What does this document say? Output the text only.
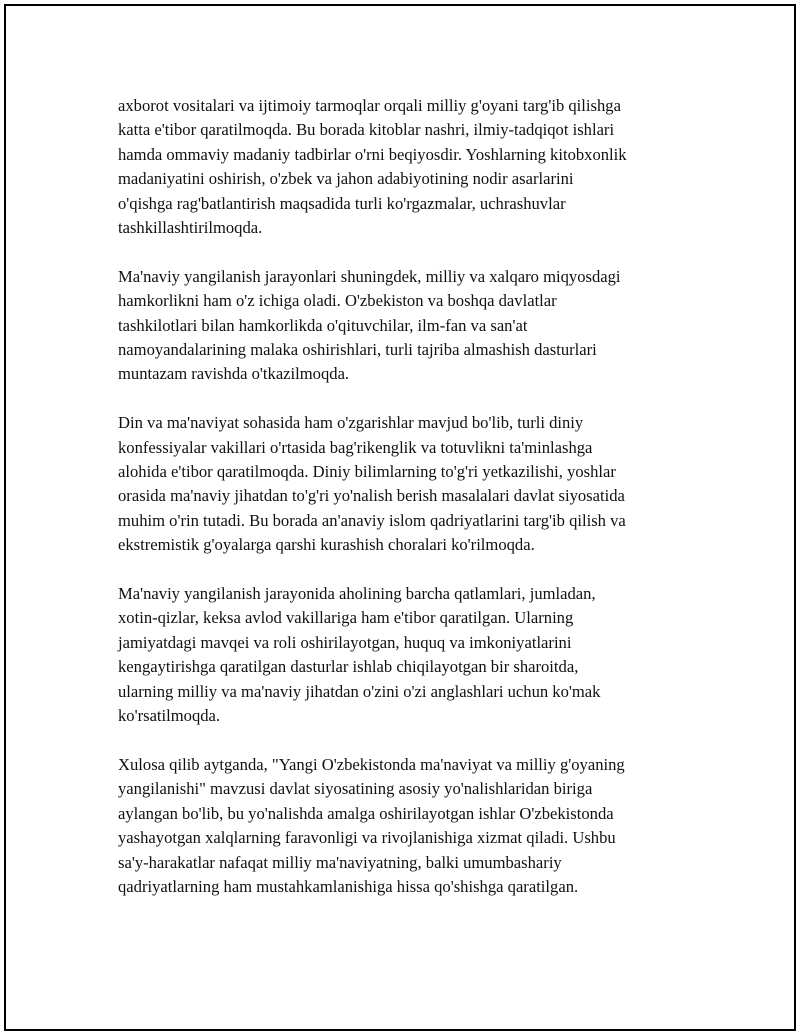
axborot vositalari va ijtimoiy tarmoqlar orqali milliy g'oyani targ'ib qilishga
katta e'tibor qaratilmoqda. Bu borada kitoblar nashri, ilmiy-tadqiqot ishlari
hamda ommaviy madaniy tadbirlar o'rni beqiyosdir. Yoshlarning kitobxonlik
madaniyatini oshirish, o'zbek va jahon adabiyotining nodir asarlarini
o'qishga rag'batlantirish maqsadida turli ko'rgazmalar, uchrashuvlar
tashkillashtirilmoqda.

Ma'naviy yangilanish jarayonlari shuningdek, milliy va xalqaro miqyosdagi
hamkorlikni ham o'z ichiga oladi. O'zbekiston va boshqa davlatlar
tashkilotlari bilan hamkorlikda o'qituvchilar, ilm-fan va san'at
namoyandalarining malaka oshirishlari, turli tajriba almashish dasturlari
muntazam ravishda o'tkazilmoqda.

Din va ma'naviyat sohasida ham o'zgarishlar mavjud bo'lib, turli diniy
konfessiyalar vakillari o'rtasida bag'rikenglik va totuvlikni ta'minlashga
alohida e'tibor qaratilmoqda. Diniy bilimlarning to'g'ri yetkazilishi, yoshlar
orasida ma'naviy jihatdan to'g'ri yo'nalish berish masalalari davlat siyosatida
muhim o'rin tutadi. Bu borada an'anaviy islom qadriyatlarini targ'ib qilish va
ekstremistik g'oyalarga qarshi kurashish choralari ko'rilmoqda.

Ma'naviy yangilanish jarayonida aholining barcha qatlamlari, jumladan,
xotin-qizlar, keksa avlod vakillariga ham e'tibor qaratilgan. Ularning
jamiyatdagi mavqei va roli oshirilayotgan, huquq va imkoniyatlarini
kengaytirishga qaratilgan dasturlar ishlab chiqilayotgan bir sharoitda,
ularning milliy va ma'naviy jihatdan o'zini o'zi anglashlari uchun ko'mak
ko'rsatilmoqda.

Xulosa qilib aytganda, "Yangi O'zbekistonda ma'naviyat va milliy g'oyaning
yangilanishi" mavzusi davlat siyosatining asosiy yo'nalishlaridan biriga
aylangan bo'lib, bu yo'nalishda amalga oshirilayotgan ishlar O'zbekistonda
yashayotgan xalqlarning faravonligi va rivojlanishiga xizmat qiladi. Ushbu
sa'y-harakatlar nafaqat milliy ma'naviyatning, balki umumbashariy
qadriyatlarning ham mustahkamlanishiga hissa qo'shishga qaratilgan.
